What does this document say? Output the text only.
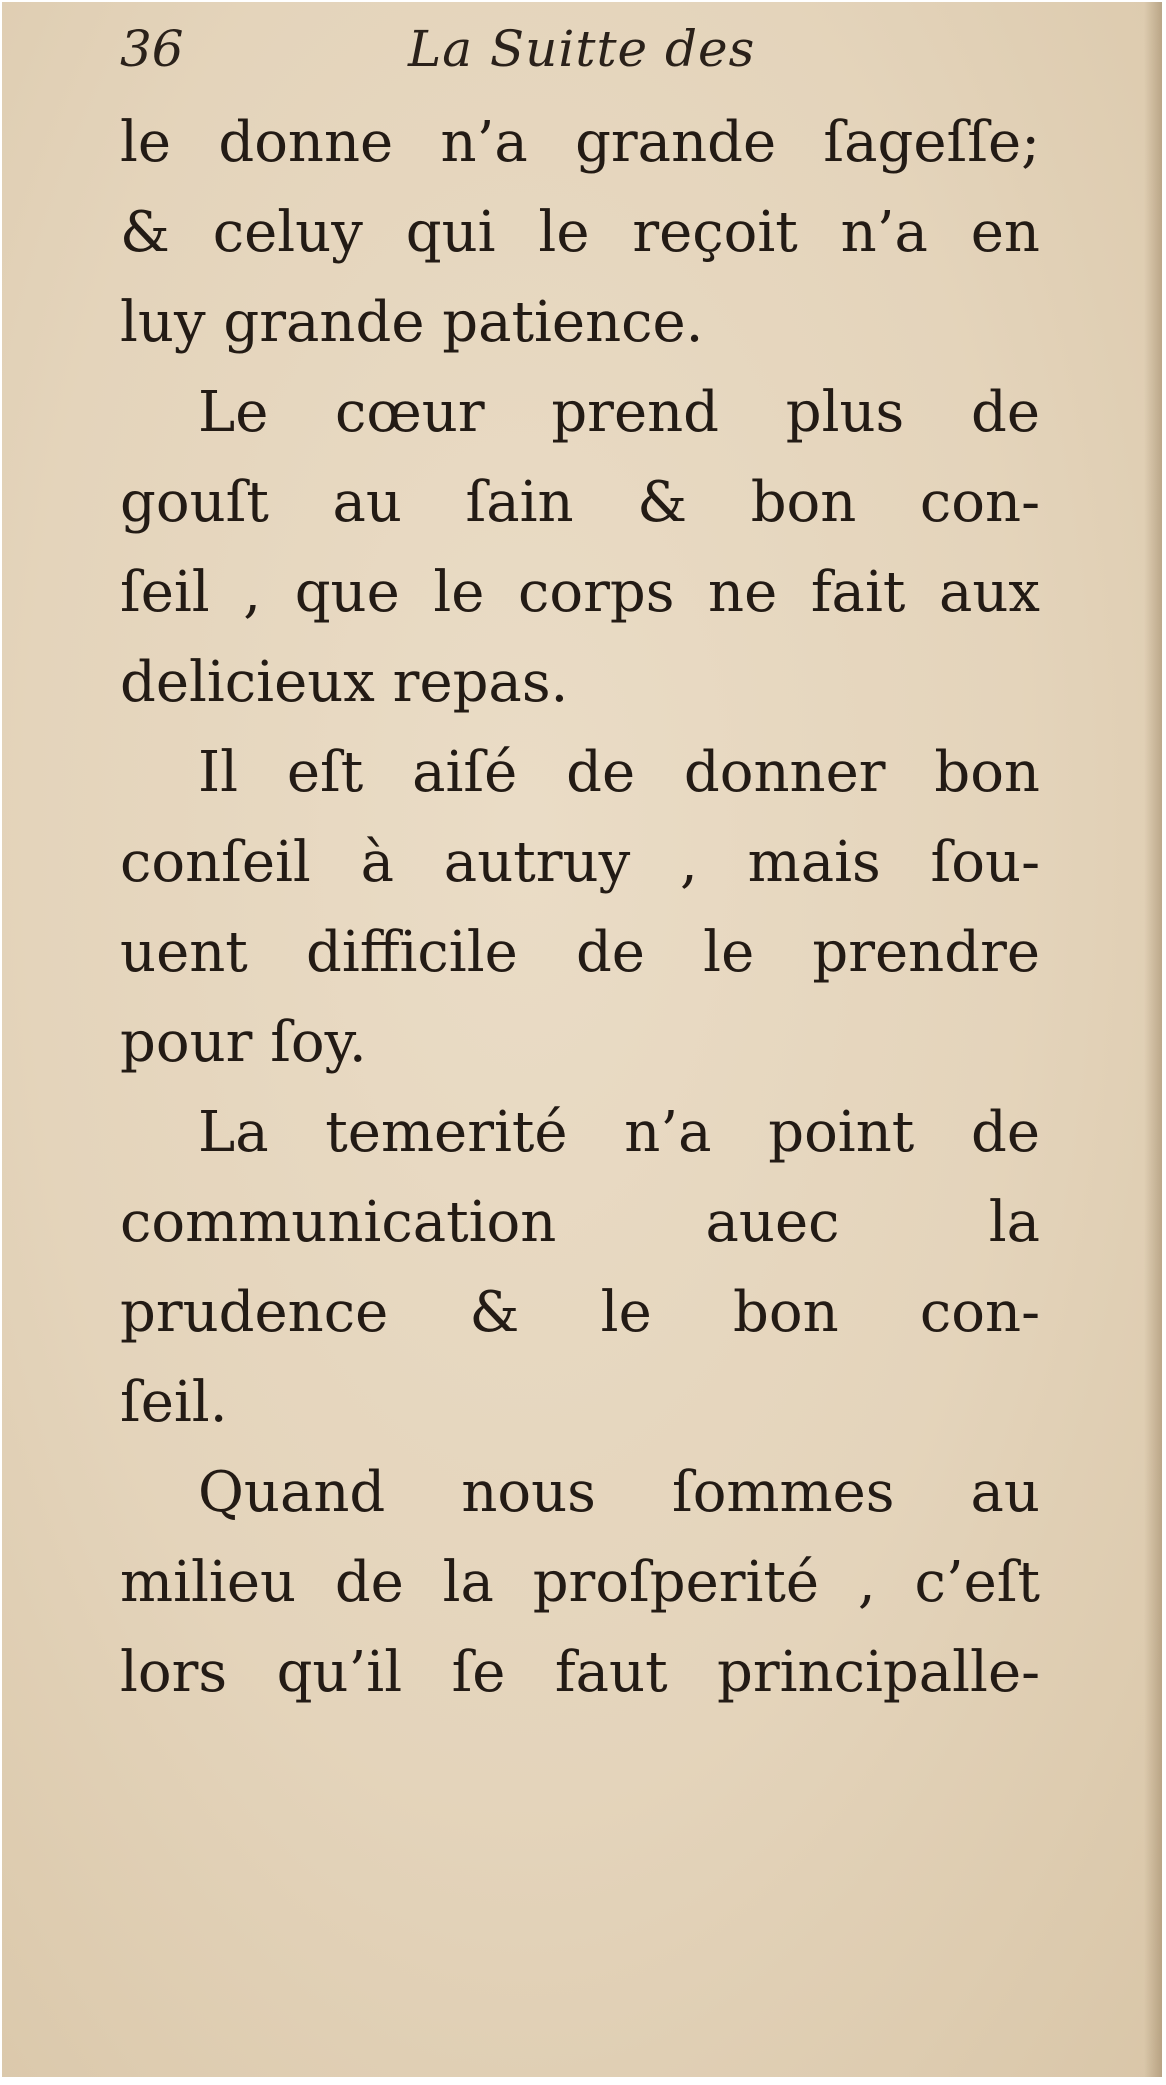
36	La Suitte des
le donne n’a grande ſageſſe;
& celuy qui le reçoit n’a en
luy grande patience.
Le cœur prend plus de
gouſt au ſain & bon con-
ſeil , que le corps ne fait aux
delicieux repas.
Il eſt aiſé de donner bon
conſeil à autruy , mais ſou-
uent difficile de le prendre
pour ſoy.
La temerité n’a point de
communication auec la
prudence & le bon con-
ſeil.
Quand nous ſommes au
milieu de la proſperité , c’eſt
lors qu’il ſe faut principalle-
